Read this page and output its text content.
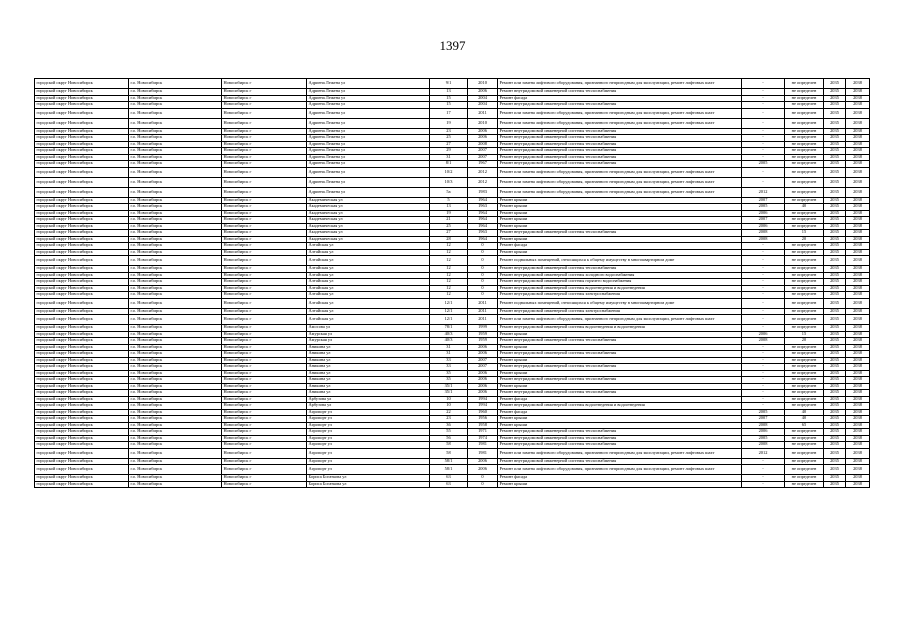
1397
городской округ Новосибирск	г.о. Новосибирск	Новосибирск г	Адриена Лежена ул	9/1	2010	Ремонт или замена лифтового оборудования, признанного непригодным для эксплуатации, ремонт лифтовых шахт	-	не определен	2035	2038
городской округ Новосибирск	г.о. Новосибирск	Новосибирск г	Адриена Лежена ул	13	2006	Ремонт внутридомовой инженерной системы теплоснабжения	-	не определен	2035	2038
городской округ Новосибирск	г.о. Новосибирск	Новосибирск г	Адриена Лежена ул	15	2004	Ремонт фасада	-	не определен	2035	2038
городской округ Новосибирск	г.о. Новосибирск	Новосибирск г	Адриена Лежена ул	15	2004	Ремонт внутридомовой инженерной системы теплоснабжения	-	не определен	2035	2038
городской округ Новосибирск	г.о. Новосибирск	Новосибирск г	Адриена Лежена ул	17	2011	Ремонт или замена лифтового оборудования, признанного непригодным для эксплуатации, ремонт лифтовых шахт	-	не определен	2035	2038
городской округ Новосибирск	г.о. Новосибирск	Новосибирск г	Адриена Лежена ул	19	2010	Ремонт или замена лифтового оборудования, признанного непригодным для эксплуатации, ремонт лифтовых шахт	-	не определен	2035	2038
городской округ Новосибирск	г.о. Новосибирск	Новосибирск г	Адриена Лежена ул	23	2006	Ремонт внутридомовой инженерной системы теплоснабжения	-	не определен	2035	2038
городской округ Новосибирск	г.о. Новосибирск	Новосибирск г	Адриена Лежена ул	25	2006	Ремонт внутридомовой инженерной системы теплоснабжения	-	не определен	2035	2038
городской округ Новосибирск	г.о. Новосибирск	Новосибирск г	Адриена Лежена ул	27	2008	Ремонт внутридомовой инженерной системы теплоснабжения	-	не определен	2035	2038
городской округ Новосибирск	г.о. Новосибирск	Новосибирск г	Адриена Лежена ул	29	2007	Ремонт внутридомовой инженерной системы теплоснабжения	-	не определен	2035	2038
городской округ Новосибирск	г.о. Новосибирск	Новосибирск г	Адриена Лежена ул	31	2007	Ремонт внутридомовой инженерной системы теплоснабжения	-	не определен	2035	2038
городской округ Новосибирск	г.о. Новосибирск	Новосибирск г	Адриена Лежена ул	8/1	1967	Ремонт внутридомовой инженерной системы теплоснабжения	2005	не определен	2035	2038
городской округ Новосибирск	г.о. Новосибирск	Новосибирск г	Адриена Лежена ул	10/2	2012	Ремонт или замена лифтового оборудования, признанного непригодным для эксплуатации, ремонт лифтовых шахт	-	не определен	2035	2038
городской округ Новосибирск	г.о. Новосибирск	Новосибирск г	Адриена Лежена ул	10/3	2012	Ремонт или замена лифтового оборудования, признанного непригодным для эксплуатации, ремонт лифтовых шахт	-	не определен	2035	2038
городской округ Новосибирск	г.о. Новосибирск	Новосибирск г	Адриена Лежена ул	5а	1983	Ремонт или замена лифтового оборудования, признанного непригодным для эксплуатации, ремонт лифтовых шахт	2012	не определен	2035	2038
городской округ Новосибирск	г.о. Новосибирск	Новосибирск г	Академическая ул	5	1964	Ремонт крыши	2007	не определен	2035	2038
городской округ Новосибирск	г.о. Новосибирск	Новосибирск г	Академическая ул	13	1963	Ремонт крыши	2005	40	2035	2038
городской округ Новосибирск	г.о. Новосибирск	Новосибирск г	Академическая ул	19	1964	Ремонт крыши	2006	не определен	2035	2038
городской округ Новосибирск	г.о. Новосибирск	Новосибирск г	Академическая ул	21	1964	Ремонт крыши	2007	не определен	2035	2038
городской округ Новосибирск	г.о. Новосибирск	Новосибирск г	Академическая ул	25	1964	Ремонт крыши	2006	не определен	2035	2038
городской округ Новосибирск	г.о. Новосибирск	Новосибирск г	Академическая ул	27	1963	Ремонт внутридомовой инженерной системы теплоснабжения	2008	15	2035	2038
городской округ Новосибирск	г.о. Новосибирск	Новосибирск г	Академическая ул	28	1964	Ремонт крыши	2008	20	2035	2038
городской округ Новосибирск	г.о. Новосибирск	Новосибирск г	Алтайская ул	12	0	Ремонт фасада	-	не определен	2035	2038
городской округ Новосибирск	г.о. Новосибирск	Новосибирск г	Алтайская ул	12	0	Ремонт крыши	-	не определен	2035	2038
городской округ Новосибирск	г.о. Новосибирск	Новосибирск г	Алтайская ул	12	0	Ремонт подвальных помещений, относящихся к общему имуществу в многоквартирном доме	-	не определен	2035	2038
городской округ Новосибирск	г.о. Новосибирск	Новосибирск г	Алтайская ул	12	0	Ремонт внутридомовой инженерной системы теплоснабжения	-	не определен	2035	2038
городской округ Новосибирск	г.о. Новосибирск	Новосибирск г	Алтайская ул	12	0	Ремонт внутридомовой инженерной системы холодного водоснабжения	-	не определен	2035	2038
городской округ Новосибирск	г.о. Новосибирск	Новосибирск г	Алтайская ул	12	0	Ремонт внутридомовой инженерной системы горячего водоснабжения	-	не определен	2035	2038
городской округ Новосибирск	г.о. Новосибирск	Новосибирск г	Алтайская ул	12	0	Ремонт внутридомовой инженерной системы водоотведения и водоотведения	-	не определен	2035	2038
городской округ Новосибирск	г.о. Новосибирск	Новосибирск г	Алтайская ул	12	0	Ремонт внутридомовой инженерной системы электроснабжения	-	не определен	2035	2038
городской округ Новосибирск	г.о. Новосибирск	Новосибирск г	Алтайская ул	12/1	2011	Ремонт подвальных помещений, относящихся к общему имуществу в многоквартирном доме	-	не определен	2035	2038
городской округ Новосибирск	г.о. Новосибирск	Новосибирск г	Алтайская ул	12/1	2011	Ремонт внутридомовой инженерной системы электроснабжения	-	не определен	2035	2038
городской округ Новосибирск	г.о. Новосибирск	Новосибирск г	Алтайская ул	12/1	2011	Ремонт или замена лифтового оборудования, признанного непригодным для эксплуатации, ремонт лифтовых шахт	-	не определен	2035	2038
городской округ Новосибирск	г.о. Новосибирск	Новосибирск г	Амосова ул	78/1	1999	Ремонт внутридомовой инженерной системы водоотведения и водоотведения	-	не определен	2035	2038
городской округ Новосибирск	г.о. Новосибирск	Новосибирск г	Амурская ул	40/3	1959	Ремонт крыши	2006	15	2035	2038
городской округ Новосибирск	г.о. Новосибирск	Новосибирск г	Амурская ул	40/3	1959	Ремонт внутридомовой инженерной системы теплоснабжения	2008	20	2035	2038
городской округ Новосибирск	г.о. Новосибирск	Новосибирск г	Аникина ул	31	2006	Ремонт крыши	-	не определен	2035	2038
городской округ Новосибирск	г.о. Новосибирск	Новосибирск г	Аникина ул	31	2006	Ремонт внутридомовой инженерной системы теплоснабжения	-	не определен	2035	2038
городской округ Новосибирск	г.о. Новосибирск	Новосибирск г	Аникина ул	33	2007	Ремонт крыши	-	не определен	2035	2038
городской округ Новосибирск	г.о. Новосибирск	Новосибирск г	Аникина ул	33	2007	Ремонт внутридомовой инженерной системы теплоснабжения	-	не определен	2035	2038
городской округ Новосибирск	г.о. Новосибирск	Новосибирск г	Аникина ул	35	2006	Ремонт крыши	-	не определен	2035	2038
городской округ Новосибирск	г.о. Новосибирск	Новосибирск г	Аникина ул	35	2006	Ремонт внутридомовой инженерной системы теплоснабжения	-	не определен	2035	2038
городской округ Новосибирск	г.о. Новосибирск	Новосибирск г	Аникина ул	35/1	2006	Ремонт крыши	-	не определен	2035	2038
городской округ Новосибирск	г.о. Новосибирск	Новосибирск г	Аникина ул	35/1	2006	Ремонт внутридомовой инженерной системы теплоснабжения	-	не определен	2035	2038
городской округ Новосибирск	г.о. Новосибирск	Новосибирск г	Арбузова ул	10	1994	Ремонт фасада	-	не определен	2035	2038
городской округ Новосибирск	г.о. Новосибирск	Новосибирск г	Арбузова ул	10	1994	Ремонт внутридомовой инженерной системы водоотведения и водоотведения	-	не определен	2035	2038
городской округ Новосибирск	г.о. Новосибирск	Новосибирск г	Аэропорт ул	22	1960	Ремонт фасада	2005	40	2035	2038
городской округ Новосибирск	г.о. Новосибирск	Новосибирск г	Аэропорт ул	23	1956	Ремонт крыши	2007	40	2035	2038
городской округ Новосибирск	г.о. Новосибирск	Новосибирск г	Аэропорт ул	36	1958	Ремонт крыши	2008	65	2035	2038
городской округ Новосибирск	г.о. Новосибирск	Новосибирск г	Аэропорт ул	55	1971	Ремонт внутридомовой инженерной системы теплоснабжения	2006	не определен	2035	2038
городской округ Новосибирск	г.о. Новосибирск	Новосибирск г	Аэропорт ул	56	1974	Ремонт внутридомовой инженерной системы теплоснабжения	2005	не определен	2035	2038
городской округ Новосибирск	г.о. Новосибирск	Новосибирск г	Аэропорт ул	58	1981	Ремонт внутридомовой инженерной системы теплоснабжения	2008	не определен	2035	2038
городской округ Новосибирск	г.о. Новосибирск	Новосибирск г	Аэропорт ул	58	1981	Ремонт или замена лифтового оборудования, признанного непригодным для эксплуатации, ремонт лифтовых шахт	2012	не определен	2035	2038
городской округ Новосибирск	г.о. Новосибирск	Новосибирск г	Аэропорт ул	58/1	2006	Ремонт внутридомовой инженерной системы теплоснабжения	-	не определен	2035	2038
городской округ Новосибирск	г.о. Новосибирск	Новосибирск г	Аэропорт ул	58/1	2006	Ремонт или замена лифтового оборудования, признанного непригодным для эксплуатации, ремонт лифтовых шахт	-	не определен	2035	2038
городской округ Новосибирск	г.о. Новосибирск	Новосибирск г	Бориса Богаткова ул	63	0	Ремонт фасада	-	не определен	2035	2038
городской округ Новосибирск	г.о. Новосибирск	Новосибирск г	Бориса Богаткова ул	63	0	Ремонт крыши	-	не определен	2035	2038
